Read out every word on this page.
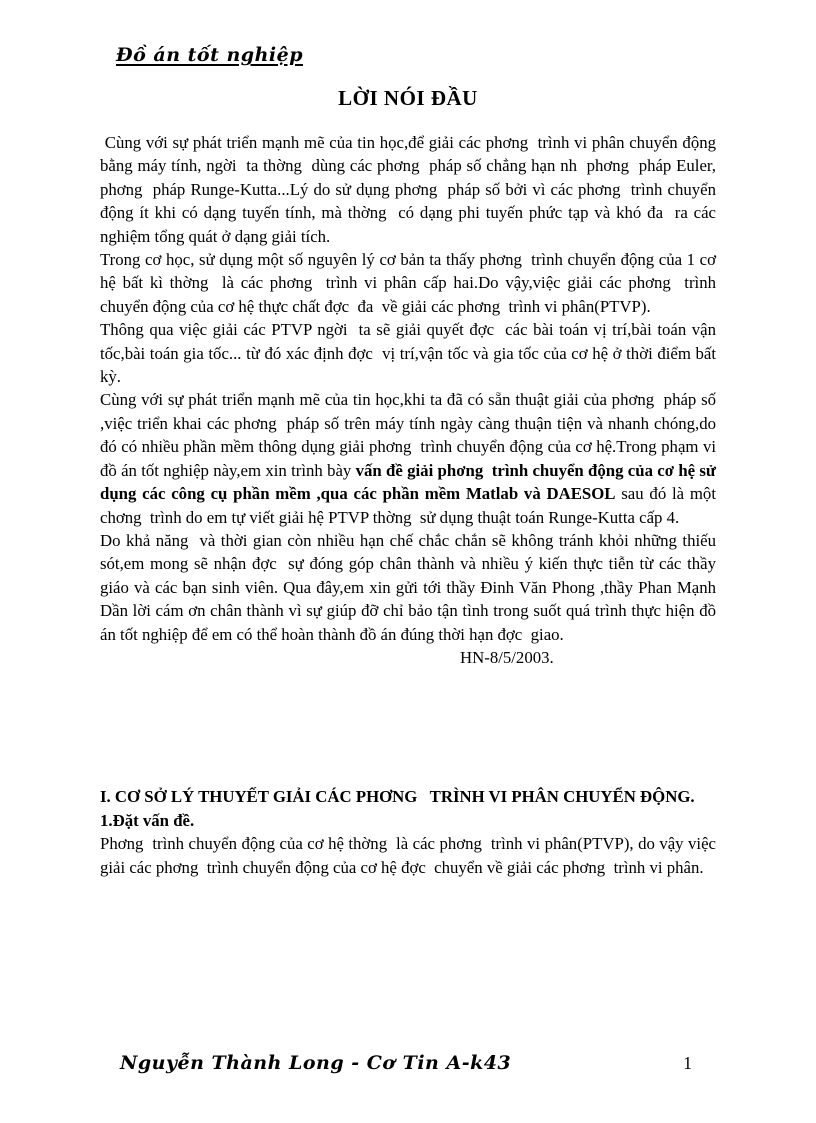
Đồ án tốt nghiệp
LỜI NÓI ĐẦU

Cùng với sự phát triển mạnh mẽ của tin học,để giải các phơng  trình vi phân chuyển động bằng máy tính, ngời  ta thờng  dùng các phơng  pháp số chẳng hạn nh  phơng  pháp Euler, phơng  pháp Runge-Kutta...Lý do sử dụng phơng  pháp số bởi vì các phơng  trình chuyển động ít khi có dạng tuyến tính, mà thờng  có dạng phi tuyến phức tạp và khó đa  ra các nghiệm tổng quát ở dạng giải tích.

Trong cơ học, sử dụng một số nguyên lý cơ bản ta thấy phơng  trình chuyển động của 1 cơ hệ bất kì thờng  là các phơng  trình vi phân cấp hai.Do vậy,việc giải các phơng  trình chuyển động của cơ hệ thực chất đợc  đa  về giải các phơng  trình vi phân(PTVP).

Thông qua việc giải các PTVP ngời  ta sẽ giải quyết đợc  các bài toán vị trí,bài toán vận tốc,bài toán gia tốc... từ đó xác định đợc  vị trí,vận tốc và gia tốc của cơ hệ ở thời điểm bất kỳ.

Cùng với sự phát triển mạnh mẽ của tin học,khi ta đã có sẵn thuật giải của phơng  pháp số ,việc triển khai các phơng  pháp số trên máy tính ngày càng thuận tiện và nhanh chóng,do đó có nhiều phần mềm thông dụng giải phơng  trình chuyển động của cơ hệ.Trong phạm vi đồ án tốt nghiệp này,em xin trình bày vấn đề giải phơng  trình chuyển động của cơ hệ sử dụng các công cụ phần mềm ,qua các phần mềm Matlab và DAESOL sau đó là một chơng  trình do em tự viết giải hệ PTVP thờng  sử dụng thuật toán Runge-Kutta cấp 4.

Do khả năng  và thời gian còn nhiều hạn chế chắc chắn sẽ không tránh khỏi những thiếu sót,em mong sẽ nhận đợc  sự đóng góp chân thành và nhiều ý kiến thực tiễn từ các thầy giáo và các bạn sinh viên. Qua đây,em xin gửi tới thầy Đinh Văn Phong ,thầy Phan Mạnh Dần lời cám ơn chân thành vì sự giúp đỡ chỉ bảo tận tình trong suốt quá trình thực hiện đồ án tốt nghiệp để em có thể hoàn thành đồ án đúng thời hạn đợc  giao.

HN-8/5/2003.

I. CƠ SỞ LÝ THUYẾT GIẢI CÁC PHƠNG   TRÌNH VI PHÂN CHUYỂN ĐỘNG.

1.Đặt vấn đề.

Phơng  trình chuyển động của cơ hệ thờng  là các phơng  trình vi phân(PTVP), do vậy việc giải các phơng  trình chuyển động của cơ hệ đợc  chuyển về giải các phơng  trình vi phân.

Nguyễn Thành Long - Cơ Tin A-k43	1
